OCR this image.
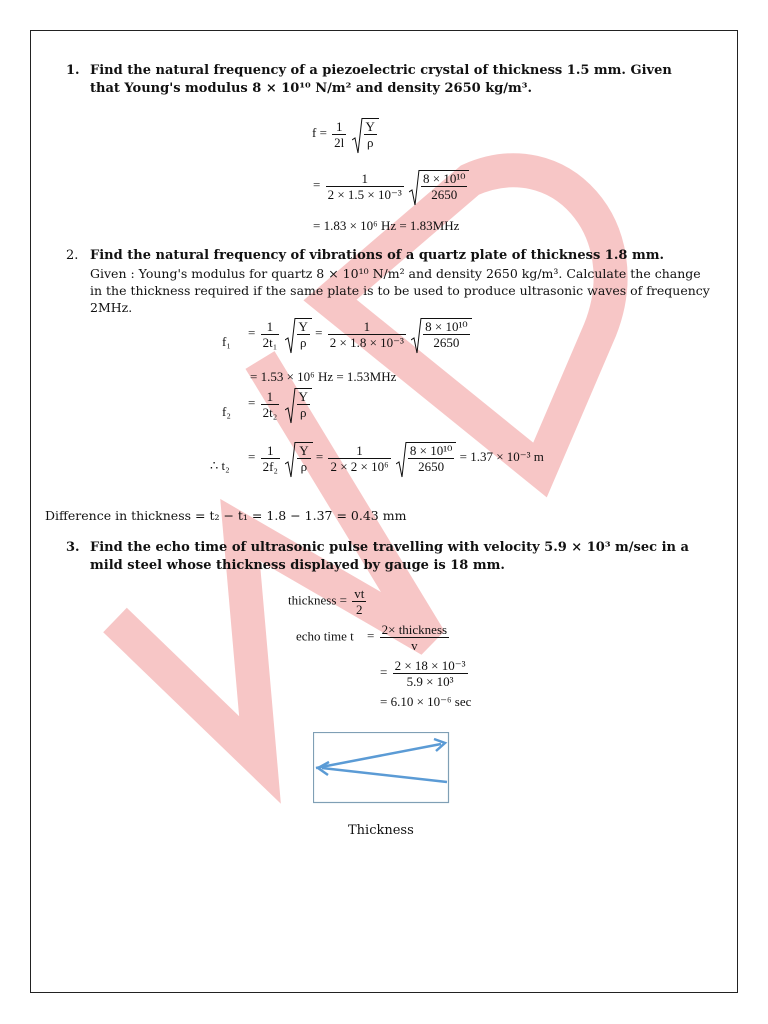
1. Find the natural frequency of a piezoelectric crystal of thickness 1.5 mm. Given that Young's modulus 8 × 10¹⁰ N/m² and density 2650 kg/m³.
$f = \frac{1}{2l}$
$\frac{Y}{\rho}$
= $\frac{1}{\text{2 × 1.5 × 10⁻³}}$
$\frac{\text{8 × 10¹⁰}}{2650}$
= 1.83 × 10⁶ Hz = 1.83MHz
2. Find the natural frequency of vibrations of a quartz plate of thickness 1.8 mm.
Given : Young's modulus for quartz 8 × 10¹⁰ N/m² and density 2650 kg/m³. Calculate the change in the thickness required if the same plate is to be used to produce ultrasonic waves of frequency 2MHz.
f₁
= $\frac{1}{\text{2t₁}}$
$\frac{Y}{\rho} = \frac{1}{\text{2 × 1.8 × 10⁻³}}$
$\frac{\text{8 × 10¹⁰}}{2650}$
= 1.53 × 10⁶ Hz = 1.53MHz
f₂
= $\frac{1}{\text{2t₂}}$
$\frac{Y}{\rho}$
∴ t₂
= $\frac{1}{\text{2f₂}}$
$\frac{Y}{\rho} = \frac{1}{\text{2 × 2 × 10⁶}}$
$\frac{\text{8 × 10¹⁰}}{2650} = 1.37 \times 10^{-3}$ m
Difference in thickness = t₂ − t₁ = 1.8 − 1.37 = 0.43 mm
3. Find the echo time of ultrasonic pulse travelling with velocity 5.9 × 10³ m/sec in a mild steel whose thickness displayed by gauge is 18 mm.
thickness = $\frac{vt}{2}$
echo time $t = \frac{\text{2× thickness}}{v}$
= $\frac{\text{2 × 18 × 10⁻³}}{\text{5.9 × 10³}}$
= 6.10 × 10⁻⁶ sec
Thickness
